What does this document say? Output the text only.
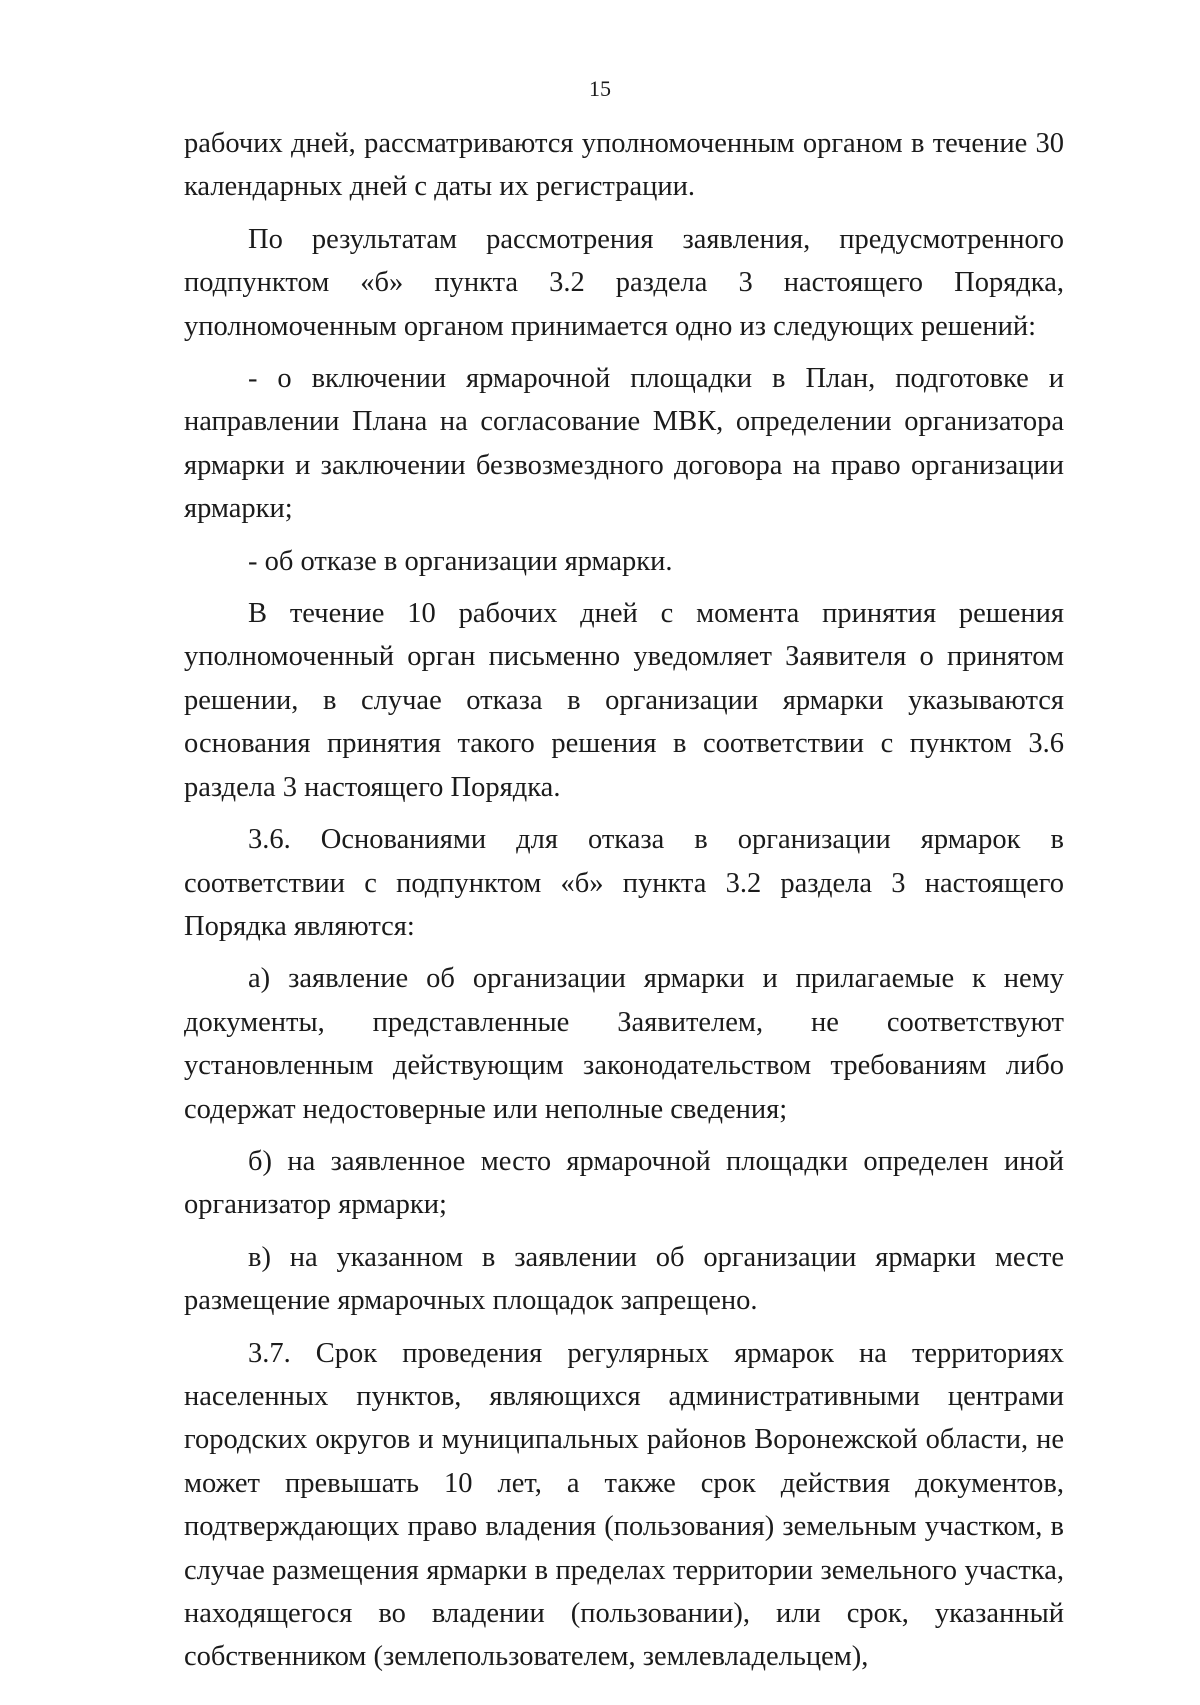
15

рабочих дней, рассматриваются уполномоченным органом в течение 30 календарных дней с даты их регистрации.

По результатам рассмотрения заявления, предусмотренного подпунктом «б» пункта 3.2 раздела 3 настоящего Порядка, уполномоченным органом принимается одно из следующих решений:

- о включении ярмарочной площадки в План, подготовке и направлении Плана на согласование МВК, определении организатора ярмарки и заключении безвозмездного договора на право организации ярмарки;

- об отказе в организации ярмарки.

В течение 10 рабочих дней с момента принятия решения уполномоченный орган письменно уведомляет Заявителя о принятом решении, в случае отказа в организации ярмарки указываются основания принятия такого решения в соответствии с пунктом 3.6 раздела 3 настоящего Порядка.

3.6. Основаниями для отказа в организации ярмарок в соответствии с подпунктом «б» пункта 3.2 раздела 3 настоящего Порядка являются:

а) заявление об организации ярмарки и прилагаемые к нему документы, представленные Заявителем, не соответствуют установленным действующим законодательством требованиям либо содержат недостоверные или неполные сведения;

б) на заявленное место ярмарочной площадки определен иной организатор ярмарки;

в) на указанном в заявлении об организации ярмарки месте размещение ярмарочных площадок запрещено.

3.7. Срок проведения регулярных ярмарок на территориях населенных пунктов, являющихся административными центрами городских округов и муниципальных районов Воронежской области, не может превышать 10 лет, а также срок действия документов, подтверждающих право владения (пользования) земельным участком, в случае размещения ярмарки в пределах территории земельного участка, находящегося во владении (пользовании), или срок, указанный собственником (землепользователем, землевладельцем),
